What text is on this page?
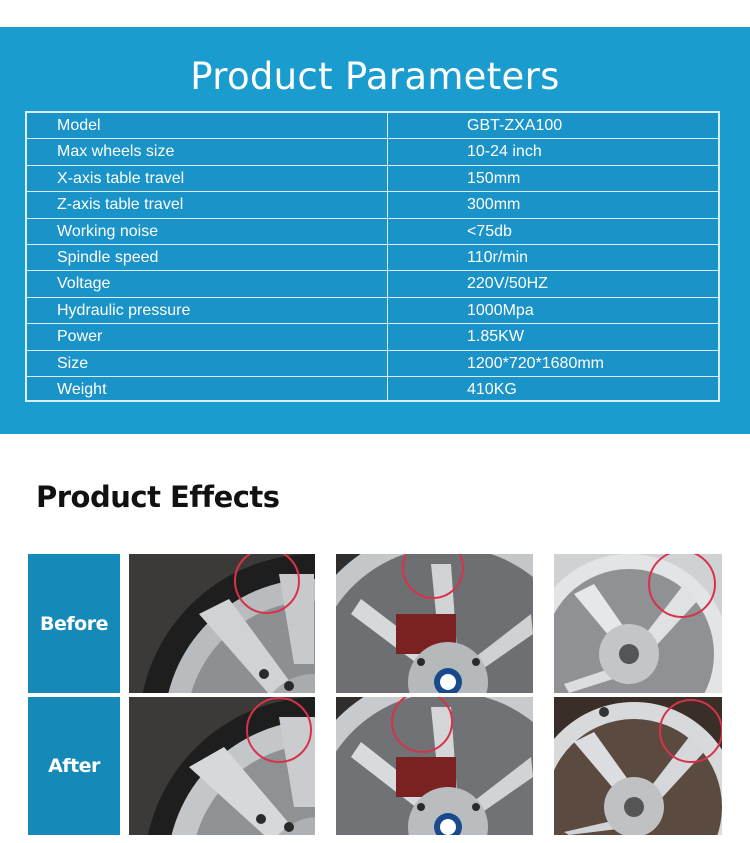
Product Parameters
Model	GBT-ZXA100
Max wheels size	10-24 inch
X-axis table travel	150mm
Z-axis table travel	300mm
Working noise	<75db
Spindle speed	110r/min
Voltage	220V/50HZ
Hydraulic pressure	1000Mpa
Power	1.85KW
Size	1200*720*1680mm
Weight	410KG
Product Effects
Before
After
